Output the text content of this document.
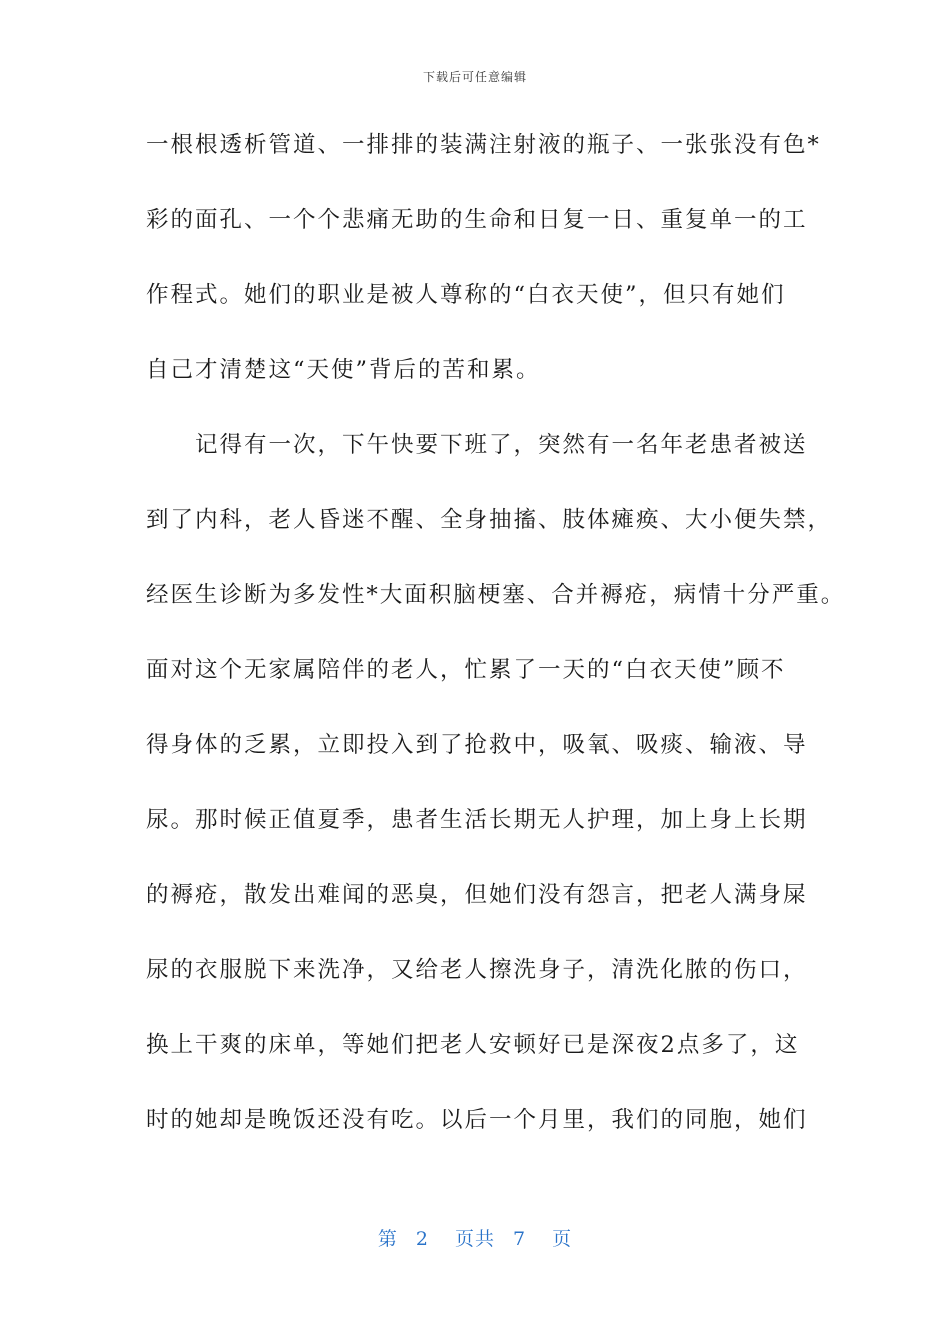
下载后可任意编辑
一根根透析管道、一排排的装满注射液的瓶子、一张张没有色*
彩的面孔、一个个悲痛无助的生命和日复一日、重复单一的工
作程式。她们的职业是被人尊称的“白衣天使”，但只有她们
自己才清楚这“天使”背后的苦和累。
　　记得有一次，下午快要下班了，突然有一名年老患者被送
到了内科，老人昏迷不醒、全身抽搐、肢体瘫痪、大小便失禁，
经医生诊断为多发性*大面积脑梗塞、合并褥疮，病情十分严重。
面对这个无家属陪伴的老人，忙累了一天的“白衣天使”顾不
得身体的乏累，立即投入到了抢救中，吸氧、吸痰、输液、导
尿。那时候正值夏季，患者生活长期无人护理，加上身上长期
的褥疮，散发出难闻的恶臭，但她们没有怨言，把老人满身屎
尿的衣服脱下来洗净，又给老人擦洗身子，清洗化脓的伤口，
换上干爽的床单，等她们把老人安顿好已是深夜2点多了，这
时的她却是晚饭还没有吃。以后一个月里，我们的同胞，她们
第 2 页共 7 页
